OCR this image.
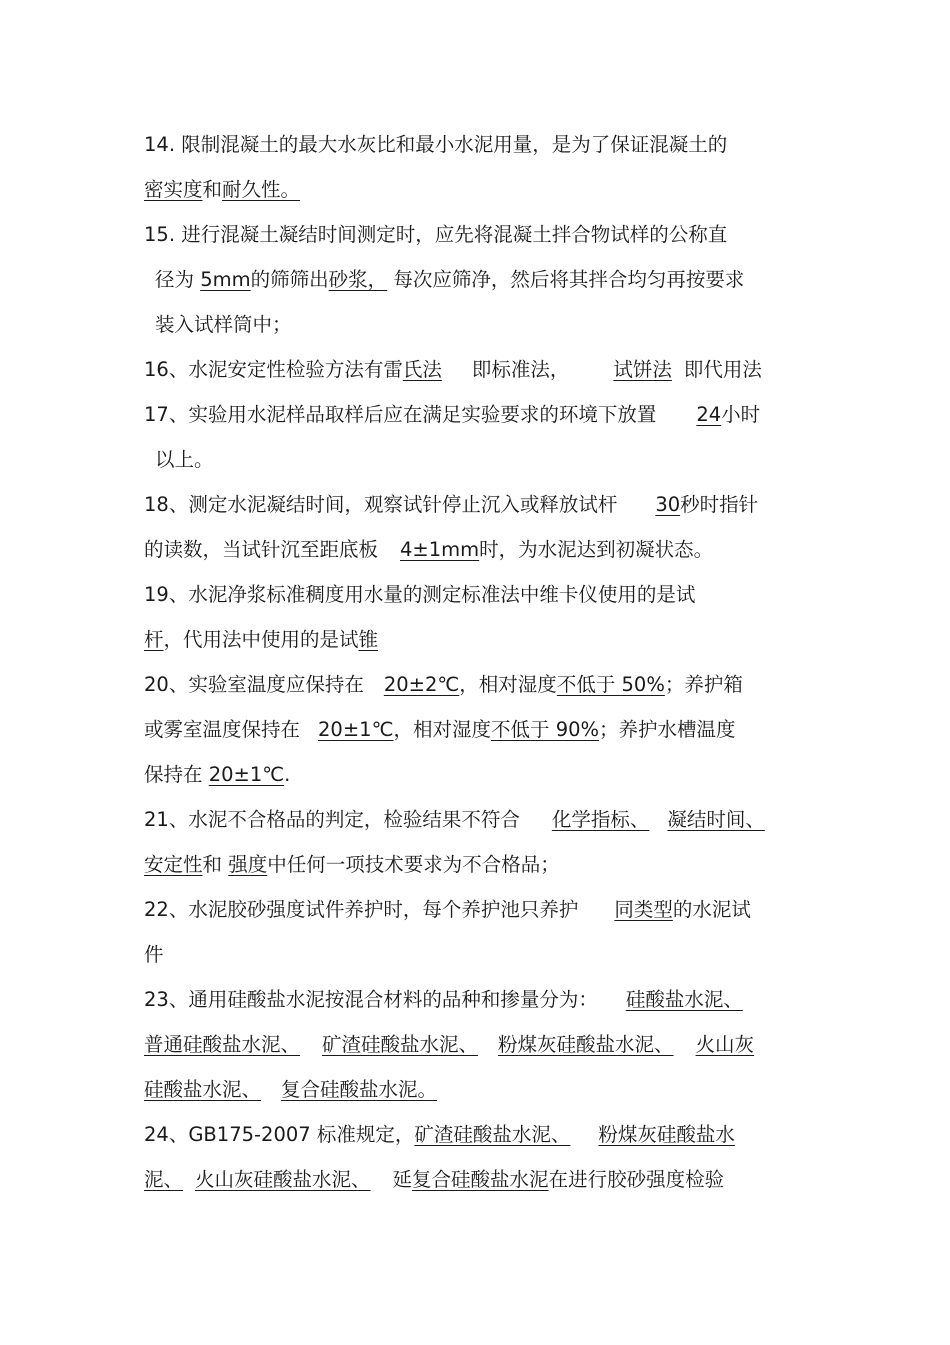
14. 限制混凝土的最大水灰比和最小水泥用量，是为了保证混凝土的
密实度和耐久性。
15. 进行混凝土凝结时间测定时，应先将混凝土拌合物试样的公称直
径为 5mm的筛筛出砂浆， 每次应筛净，然后将其拌合均匀再按要求
装入试样筒中；
16、水泥安定性检验方法有雷氏法 即标准法， 试饼法 即代用法
17、实验用水泥样品取样后应在满足实验要求的环境下放置 24小时
以上。
18、测定水泥凝结时间，观察试针停止沉入或释放试杆 30秒时指针
的读数，当试针沉至距底板 4±1mm时，为水泥达到初凝状态。
19、水泥净浆标准稠度用水量的测定标准法中维卡仪使用的是试
杆，代用法中使用的是试锥
20、实验室温度应保持在 20±2℃，相对湿度不低于 50%；养护箱
或雾室温度保持在 20±1℃，相对湿度不低于 90%；养护水槽温度
保持在 20±1℃.
21、水泥不合格品的判定，检验结果不符合 化学指标、 凝结时间、
安定性和 强度中任何一项技术要求为不合格品；
22、水泥胶砂强度试件养护时，每个养护池只养护 同类型的水泥试
件
23、通用硅酸盐水泥按混合材料的品种和掺量分为： 硅酸盐水泥、
普通硅酸盐水泥、 矿渣硅酸盐水泥、 粉煤灰硅酸盐水泥、 火山灰
硅酸盐水泥、 复合硅酸盐水泥。
24、GB175-2007 标准规定，矿渣硅酸盐水泥、 粉煤灰硅酸盐水
泥、 火山灰硅酸盐水泥、 延复合硅酸盐水泥在进行胶砂强度检验
